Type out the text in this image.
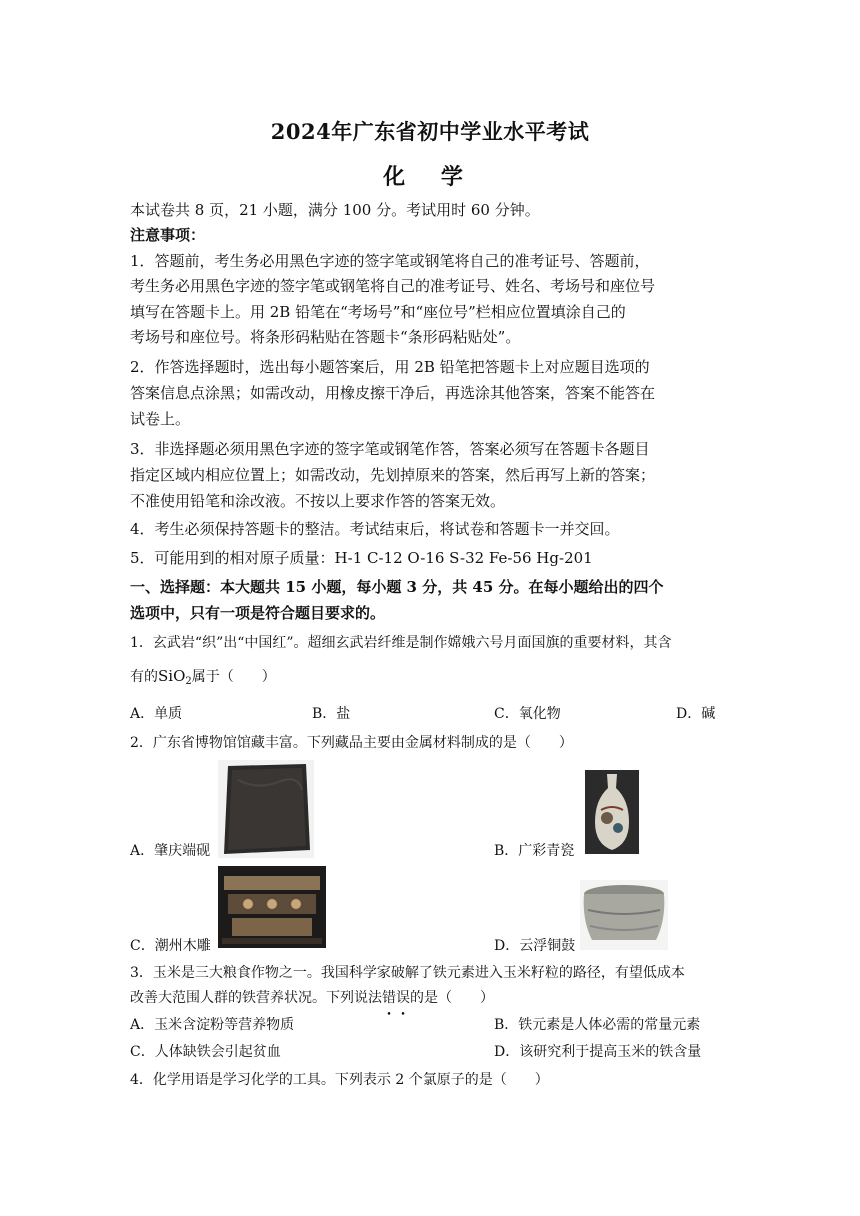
2024年广东省初中学业水平考试
化 学
本试卷共 8 页，21 小题，满分 100 分。考试用时 60 分钟。
注意事项：
1．答题前，考生务必用黑色字迹的签字笔或钢笔将自己的准考证号、答题前，
考生务必用黑色字迹的签字笔或钢笔将自己的准考证号、姓名、考场号和座位号
填写在答题卡上。用 2B 铅笔在“考场号”和“座位号”栏相应位置填涂自己的
考场号和座位号。将条形码粘贴在答题卡“条形码粘贴处”。
2．作答选择题时，选出每小题答案后，用 2B 铅笔把答题卡上对应题目选项的
答案信息点涂黑；如需改动，用橡皮擦干净后，再选涂其他答案，答案不能答在
试卷上。
3．非选择题必须用黑色字迹的签字笔或钢笔作答，答案必须写在答题卡各题目
指定区域内相应位置上；如需改动，先划掉原来的答案，然后再写上新的答案；
不准使用铅笔和涂改液。不按以上要求作答的答案无效。
4．考生必须保持答题卡的整洁。考试结束后，将试卷和答题卡一并交回。
5．可能用到的相对原子质量：H-1 C-12 O-16 S-32 Fe-56 Hg-201
一、选择题：本大题共 15 小题，每小题 3 分，共 45 分。在每小题给出的四个
选项中，只有一项是符合题目要求的。
1．玄武岩“织”出“中国红”。超细玄武岩纤维是制作嫦娥六号月面国旗的重要材料，其含
有的SiO$_2$属于（　　）
A．单质	B．盐	C．氧化物	D．碱
2．广东省博物馆馆藏丰富。下列藏品主要由金属材料制成的是（　　）
A．肇庆端砚	B．广彩青瓷
C．潮州木雕	D．云浮铜鼓
3．玉米是三大粮食作物之一。我国科学家破解了铁元素进入玉米籽粒的路径，有望低成本
改善大范围人群的铁营养状况。下列说法错误的是（　　）
A．玉米含淀粉等营养物质	B．铁元素是人体必需的常量元素
C．人体缺铁会引起贫血	D．该研究利于提高玉米的铁含量
4．化学用语是学习化学的工具。下列表示 2 个氯原子的是（　　）
